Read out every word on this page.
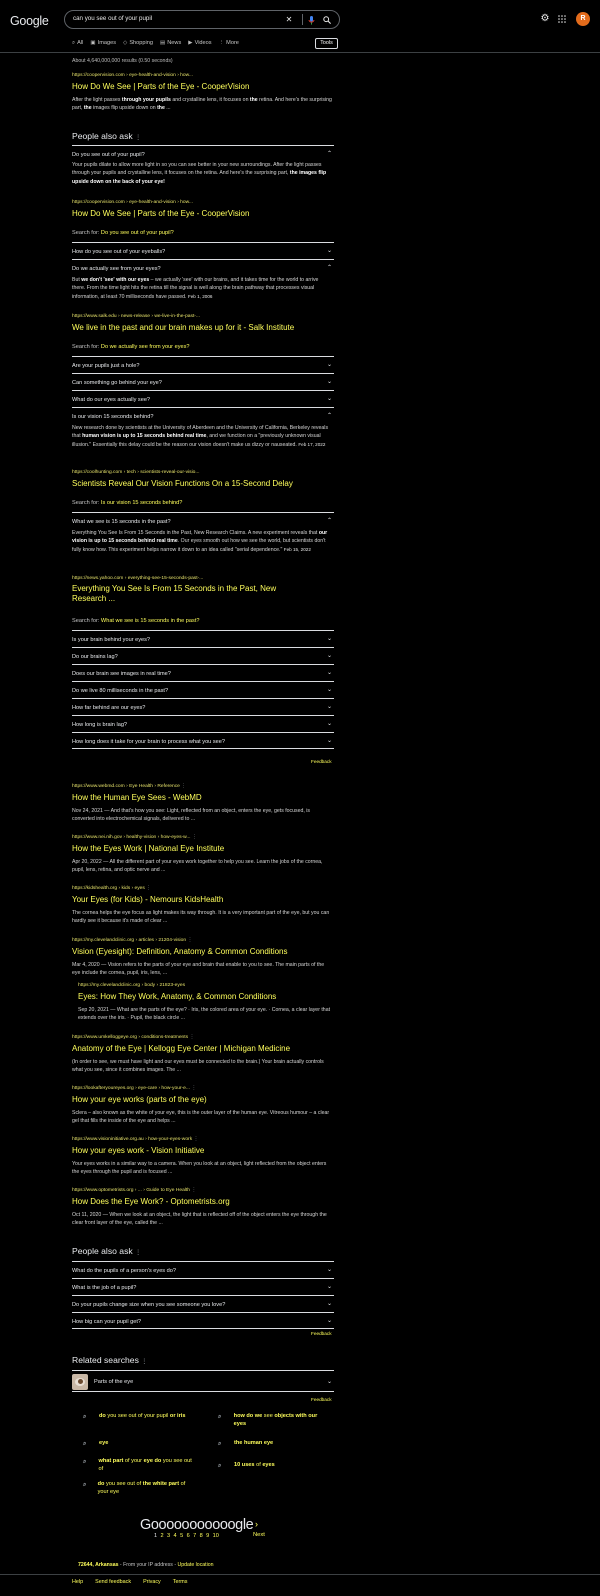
Google	can you see out of your pupil	✕	⚙	R
⌕ All ▣ Images ◇ Shopping ▤ News ▶ Videos ⋮ More	Tools
About 4,640,000,000 results (0.50 seconds)
https://coopervision.com › eye-health-and-vision › how...
How Do We See | Parts of the Eye - CooperVision
After the light passes through your pupils and crystalline lens, it focuses on the retina. And here's the surprising part, the images flip upside down on the ...
People also ask ⋮
Do you see out of your pupil?	⌃
Your pupils dilate to allow more light in so you can see better in your new surroundings. After the light passes through your pupils and crystalline lens, it focuses on the retina. And here's the surprising part, the images flip upside down on the back of your eye!
https://coopervision.com › eye-health-and-vision › how...
How Do We See | Parts of the Eye - CooperVision
Search for: Do you see out of your pupil?
How do you see out of your eyeballs?	⌄
Do we actually see from your eyes?	⌃
But we don't 'see' with our eyes – we actually 'see' with our brains, and it takes time for the world to arrive there. From the time light hits the retina till the signal is well along the brain pathway that processes visual information, at least 70 milliseconds have passed. Feb 1, 2006
https://www.salk.edu › news-release › we-live-in-the-past-...
We live in the past and our brain makes up for it - Salk Institute
Search for: Do we actually see from your eyes?
Are your pupils just a hole?	⌄
Can something go behind your eye?	⌄
What do our eyes actually see?	⌄
Is our vision 15 seconds behind?	⌃
New research done by scientists at the University of Aberdeen and the University of California, Berkeley reveals that human vision is up to 15 seconds behind real time, and we function on a "previously unknown visual illusion." Essentially this delay could be the reason our vision doesn't make us dizzy or nauseated. Feb 17, 2022
https://coolhunting.com › tech › scientists-reveal-our-visio...
Scientists Reveal Our Vision Functions On a 15-Second Delay
Search for: Is our vision 15 seconds behind?
What we see is 15 seconds in the past?	⌃
Everything You See Is From 15 Seconds in the Past, New Research Claims. A new experiment reveals that our vision is up to 15 seconds behind real time. Our eyes smooth out how we see the world, but scientists don't fully know how. This experiment helps narrow it down to an idea called "serial dependence." Feb 15, 2022
https://news.yahoo.com › everything-see-15-seconds-past-...
Everything You See Is From 15 Seconds in the Past, New
Research ...
Search for: What we see is 15 seconds in the past?
Is your brain behind your eyes?	⌄
Do our brains lag?	⌄
Does our brain see images in real time?	⌄
Do we live 80 milliseconds in the past?	⌄
How far behind are our eyes?	⌄
How long is brain lag?	⌄
How long does it take for your brain to process what you see?	⌄
Feedback
https://www.webmd.com › Eye Health › Reference ⋮
How the Human Eye Sees - WebMD
Nov 24, 2021 — And that's how you see: Light, reflected from an object, enters the eye, gets focused, is converted into electrochemical signals, delivered to ...
https://www.nei.nih.gov › healthy-vision › how-eyes-w... ⋮
How the Eyes Work | National Eye Institute
Apr 20, 2022 — All the different part of your eyes work together to help you see. Learn the jobs of the cornea, pupil, lens, retina, and optic nerve and ...
https://kidshealth.org › kids › eyes ⋮
Your Eyes (for Kids) - Nemours KidsHealth
The cornea helps the eye focus as light makes its way through. It is a very important part of the eye, but you can hardly see it because it's made of clear ...
https://my.clevelandclinic.org › articles › 21204-vision ⋮
Vision (Eyesight): Definition, Anatomy & Common Conditions
Mar 4, 2020 — Vision refers to the parts of your eye and brain that enable to you to see. The main parts of the eye include the cornea, pupil, iris, lens, ...
https://my.clevelandclinic.org › body › 21823-eyes
Eyes: How They Work, Anatomy, & Common Conditions
Sep 20, 2021 — What are the parts of the eye? · Iris, the colored area of your eye. · Cornea, a clear layer that extends over the iris. · Pupil, the black circle ...
https://www.umkelloggeye.org › conditions-treatments ⋮
Anatomy of the Eye | Kellogg Eye Center | Michigan Medicine
(In order to see, we must have light and our eyes must be connected to the brain.) Your brain actually controls what you see, since it combines images. The ...
https://lookafteryoureyes.org › eye-care › how-your-e... ⋮
How your eye works (parts of the eye)
Sclera – also known as the white of your eye, this is the outer layer of the human eye. Vitreous humour – a clear gel that fills the inside of the eye and helps ...
https://www.visioninitiative.org.au › how-your-eyes-work ⋮
How your eyes work - Vision Initiative
Your eyes works in a similar way to a camera. When you look at an object, light reflected from the object enters the eyes through the pupil and is focused ...
https://www.optometrists.org › ... › Guide to Eye Health ⋮
How Does the Eye Work? - Optometrists.org
Oct 11, 2020 — When we look at an object, the light that is reflected off of the object enters the eye through the clear front layer of the eye, called the ...
People also ask ⋮
What do the pupils of a person's eyes do?	⌄
What is the job of a pupil?	⌄
Do your pupils change size when you see someone you love?	⌄
How big can your pupil get?	⌄
Feedback
Related searches ⋮
Parts of the eye	⌄
Feedback
⌕	do you see out of your pupil or iris	⌕	how do we see objects with our eyes
⌕	eye	⌕	the human eye
⌕	what part of your eye do you see out of	⌕	10 uses of eyes
⌕	do you see out of the white part of your eye
Gooooooooooogle ›
1 2 3 4 5 6 7 8 9 10	Next
72644, Arkansas - From your IP address - Update location
Help Send feedback Privacy Terms
